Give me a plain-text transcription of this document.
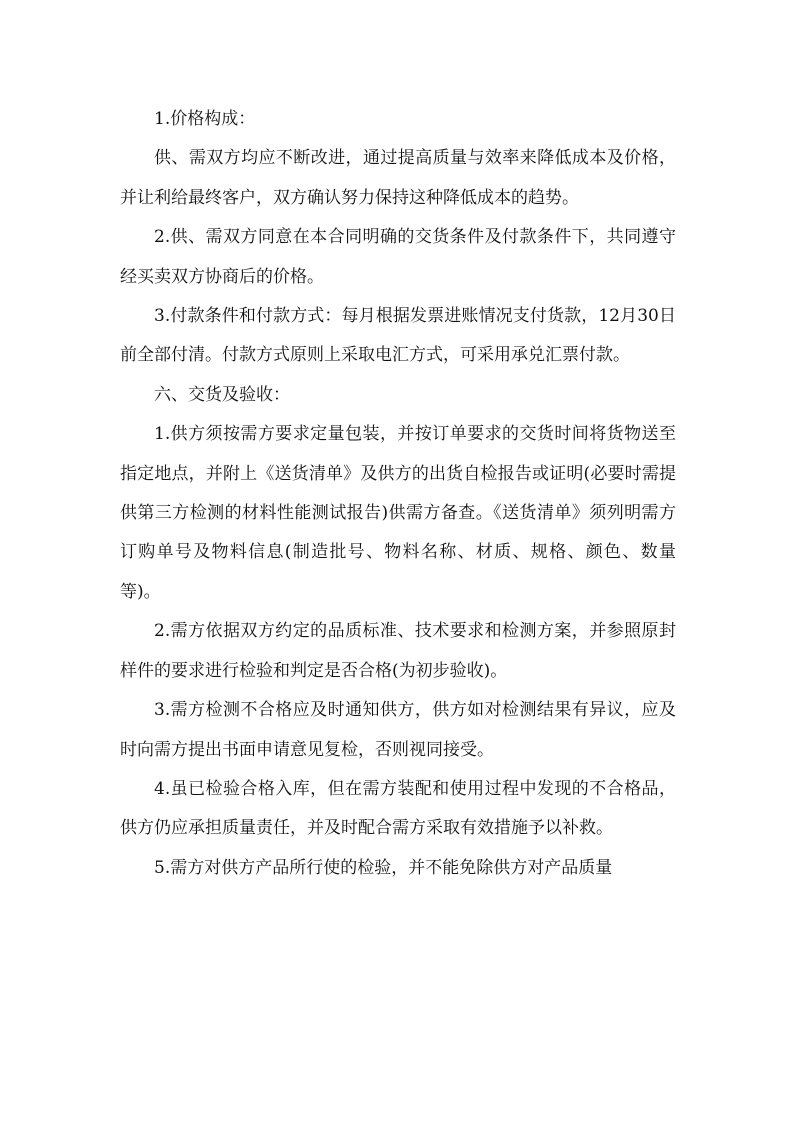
1.价格构成：

供、需双方均应不断改进，通过提高质量与效率来降低成本及价格，并让利给最终客户，双方确认努力保持这种降低成本的趋势。

2.供、需双方同意在本合同明确的交货条件及付款条件下，共同遵守经买卖双方协商后的价格。

3.付款条件和付款方式：每月根据发票进账情况支付货款，12月30日前全部付清。付款方式原则上采取电汇方式，可采用承兑汇票付款。

六、交货及验收：

1.供方须按需方要求定量包装，并按订单要求的交货时间将货物送至指定地点，并附上《送货清单》及供方的出货自检报告或证明(必要时需提供第三方检测的材料性能测试报告)供需方备查。《送货清单》须列明需方订购单号及物料信息(制造批号、物料名称、材质、规格、颜色、数量等)。

2.需方依据双方约定的品质标准、技术要求和检测方案，并参照原封样件的要求进行检验和判定是否合格(为初步验收)。

3.需方检测不合格应及时通知供方，供方如对检测结果有异议，应及时向需方提出书面申请意见复检，否则视同接受。

4.虽已检验合格入库，但在需方装配和使用过程中发现的不合格品，供方仍应承担质量责任，并及时配合需方采取有效措施予以补救。

5.需方对供方产品所行使的检验，并不能免除供方对产品质量
